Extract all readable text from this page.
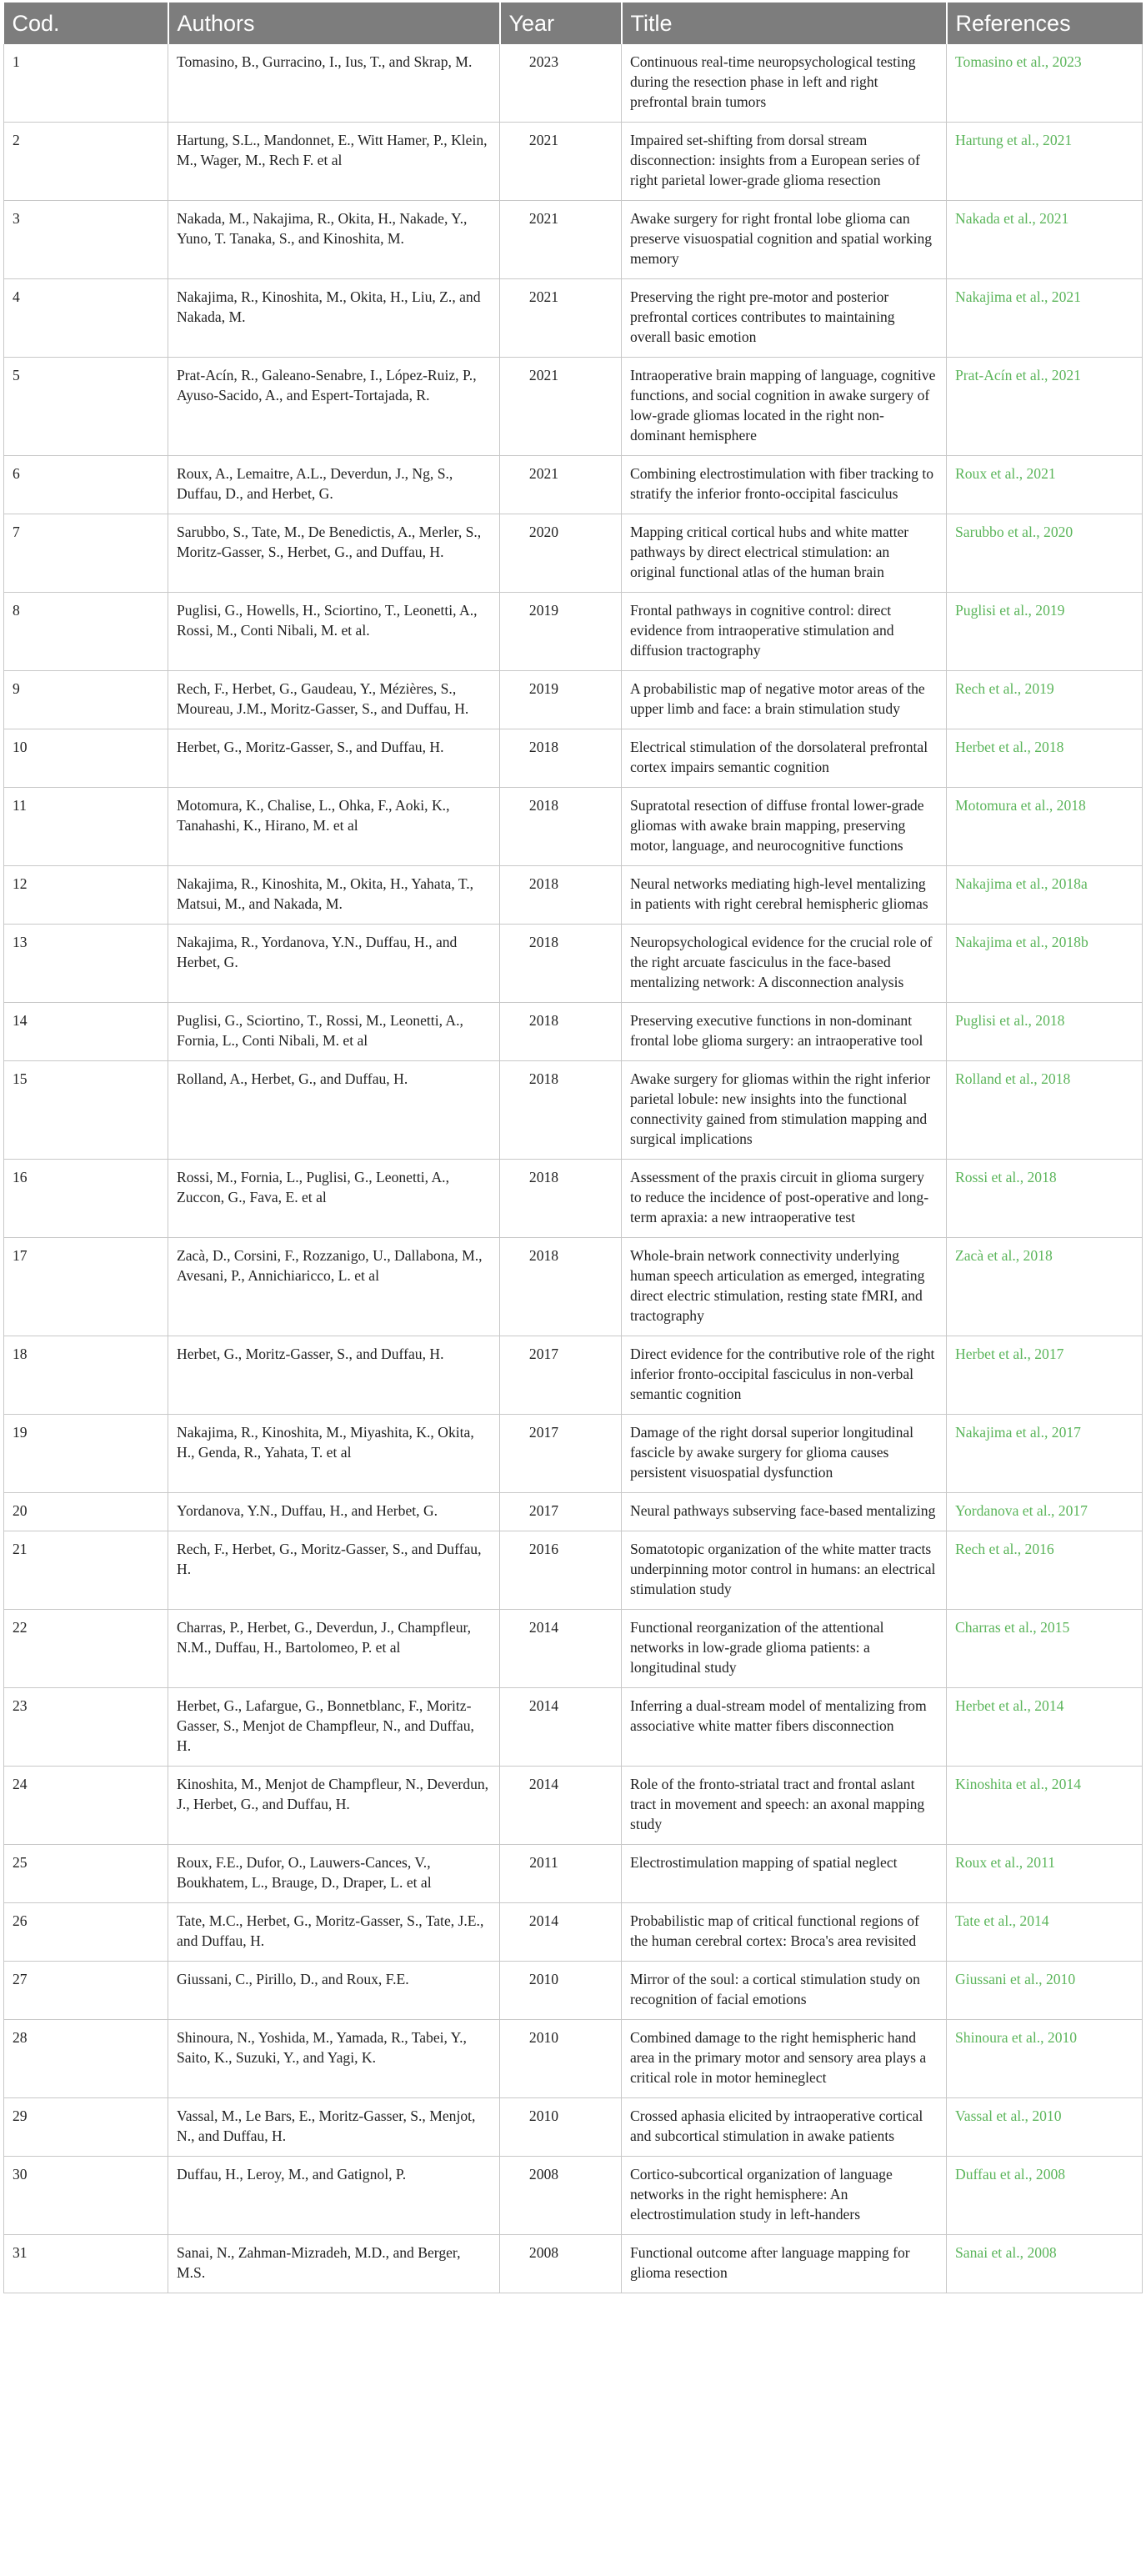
Cod.	Authors	Year	Title	References
1	Tomasino, B., Gurracino, I., Ius, T., and Skrap, M.	2023	Continuous real-time neuropsychological testing during the resection phase in left and right prefrontal brain tumors	Tomasino et al., 2023
2	Hartung, S.L., Mandonnet, E., Witt Hamer, P., Klein, M., Wager, M., Rech F. et al	2021	Impaired set-shifting from dorsal stream disconnection: insights from a European series of right parietal lower-grade glioma resection	Hartung et al., 2021
3	Nakada, M., Nakajima, R., Okita, H., Nakade, Y., Yuno, T. Tanaka, S., and Kinoshita, M.	2021	Awake surgery for right frontal lobe glioma can preserve visuospatial cognition and spatial working memory	Nakada et al., 2021
4	Nakajima, R., Kinoshita, M., Okita, H., Liu, Z., and Nakada, M.	2021	Preserving the right pre-motor and posterior prefrontal cortices contributes to maintaining overall basic emotion	Nakajima et al., 2021
5	Prat-Acín, R., Galeano-Senabre, I., López-Ruiz, P., Ayuso-Sacido, A., and Espert-Tortajada, R.	2021	Intraoperative brain mapping of language, cognitive functions, and social cognition in awake surgery of low-grade gliomas located in the right non-dominant hemisphere	Prat-Acín et al., 2021
6	Roux, A., Lemaitre, A.L., Deverdun, J., Ng, S., Duffau, D., and Herbet, G.	2021	Combining electrostimulation with fiber tracking to stratify the inferior fronto-occipital fasciculus	Roux et al., 2021
7	Sarubbo, S., Tate, M., De Benedictis, A., Merler, S., Moritz-Gasser, S., Herbet, G., and Duffau, H.	2020	Mapping critical cortical hubs and white matter pathways by direct electrical stimulation: an original functional atlas of the human brain	Sarubbo et al., 2020
8	Puglisi, G., Howells, H., Sciortino, T., Leonetti, A., Rossi, M., Conti Nibali, M. et al.	2019	Frontal pathways in cognitive control: direct evidence from intraoperative stimulation and diffusion tractography	Puglisi et al., 2019
9	Rech, F., Herbet, G., Gaudeau, Y., Mézières, S., Moureau, J.M., Moritz-Gasser, S., and Duffau, H.	2019	A probabilistic map of negative motor areas of the upper limb and face: a brain stimulation study	Rech et al., 2019
10	Herbet, G., Moritz-Gasser, S., and Duffau, H.	2018	Electrical stimulation of the dorsolateral prefrontal cortex impairs semantic cognition	Herbet et al., 2018
11	Motomura, K., Chalise, L., Ohka, F., Aoki, K., Tanahashi, K., Hirano, M. et al	2018	Supratotal resection of diffuse frontal lower-grade gliomas with awake brain mapping, preserving motor, language, and neurocognitive functions	Motomura et al., 2018
12	Nakajima, R., Kinoshita, M., Okita, H., Yahata, T., Matsui, M., and Nakada, M.	2018	Neural networks mediating high-level mentalizing in patients with right cerebral hemispheric gliomas	Nakajima et al., 2018a
13	Nakajima, R., Yordanova, Y.N., Duffau, H., and Herbet, G.	2018	Neuropsychological evidence for the crucial role of the right arcuate fasciculus in the face-based mentalizing network: A disconnection analysis	Nakajima et al., 2018b
14	Puglisi, G., Sciortino, T., Rossi, M., Leonetti, A., Fornia, L., Conti Nibali, M. et al	2018	Preserving executive functions in non-dominant frontal lobe glioma surgery: an intraoperative tool	Puglisi et al., 2018
15	Rolland, A., Herbet, G., and Duffau, H.	2018	Awake surgery for gliomas within the right inferior parietal lobule: new insights into the functional connectivity gained from stimulation mapping and surgical implications	Rolland et al., 2018
16	Rossi, M., Fornia, L., Puglisi, G., Leonetti, A., Zuccon, G., Fava, E. et al	2018	Assessment of the praxis circuit in glioma surgery to reduce the incidence of post-operative and long-term apraxia: a new intraoperative test	Rossi et al., 2018
17	Zacà, D., Corsini, F., Rozzanigo, U., Dallabona, M., Avesani, P., Annichiaricco, L. et al	2018	Whole-brain network connectivity underlying human speech articulation as emerged, integrating direct electric stimulation, resting state fMRI, and tractography	Zacà et al., 2018
18	Herbet, G., Moritz-Gasser, S., and Duffau, H.	2017	Direct evidence for the contributive role of the right inferior fronto-occipital fasciculus in non-verbal semantic cognition	Herbet et al., 2017
19	Nakajima, R., Kinoshita, M., Miyashita, K., Okita, H., Genda, R., Yahata, T. et al	2017	Damage of the right dorsal superior longitudinal fascicle by awake surgery for glioma causes persistent visuospatial dysfunction	Nakajima et al., 2017
20	Yordanova, Y.N., Duffau, H., and Herbet, G.	2017	Neural pathways subserving face-based mentalizing	Yordanova et al., 2017
21	Rech, F., Herbet, G., Moritz-Gasser, S., and Duffau, H.	2016	Somatotopic organization of the white matter tracts underpinning motor control in humans: an electrical stimulation study	Rech et al., 2016
22	Charras, P., Herbet, G., Deverdun, J., Champfleur, N.M., Duffau, H., Bartolomeo, P. et al	2014	Functional reorganization of the attentional networks in low-grade glioma patients: a longitudinal study	Charras et al., 2015
23	Herbet, G., Lafargue, G., Bonnetblanc, F., Moritz-Gasser, S., Menjot de Champfleur, N., and Duffau, H.	2014	Inferring a dual-stream model of mentalizing from associative white matter fibers disconnection	Herbet et al., 2014
24	Kinoshita, M., Menjot de Champfleur, N., Deverdun, J., Herbet, G., and Duffau, H.	2014	Role of the fronto-striatal tract and frontal aslant tract in movement and speech: an axonal mapping study	Kinoshita et al., 2014
25	Roux, F.E., Dufor, O., Lauwers-Cances, V., Boukhatem, L., Brauge, D., Draper, L. et al	2011	Electrostimulation mapping of spatial neglect	Roux et al., 2011
26	Tate, M.C., Herbet, G., Moritz-Gasser, S., Tate, J.E., and Duffau, H.	2014	Probabilistic map of critical functional regions of the human cerebral cortex: Broca's area revisited	Tate et al., 2014
27	Giussani, C., Pirillo, D., and Roux, F.E.	2010	Mirror of the soul: a cortical stimulation study on recognition of facial emotions	Giussani et al., 2010
28	Shinoura, N., Yoshida, M., Yamada, R., Tabei, Y., Saito, K., Suzuki, Y., and Yagi, K.	2010	Combined damage to the right hemispheric hand area in the primary motor and sensory area plays a critical role in motor hemineglect	Shinoura et al., 2010
29	Vassal, M., Le Bars, E., Moritz-Gasser, S., Menjot, N., and Duffau, H.	2010	Crossed aphasia elicited by intraoperative cortical and subcortical stimulation in awake patients	Vassal et al., 2010
30	Duffau, H., Leroy, M., and Gatignol, P.	2008	Cortico-subcortical organization of language networks in the right hemisphere: An electrostimulation study in left-handers	Duffau et al., 2008
31	Sanai, N., Zahman-Mizradeh, M.D., and Berger, M.S.	2008	Functional outcome after language mapping for glioma resection	Sanai et al., 2008
